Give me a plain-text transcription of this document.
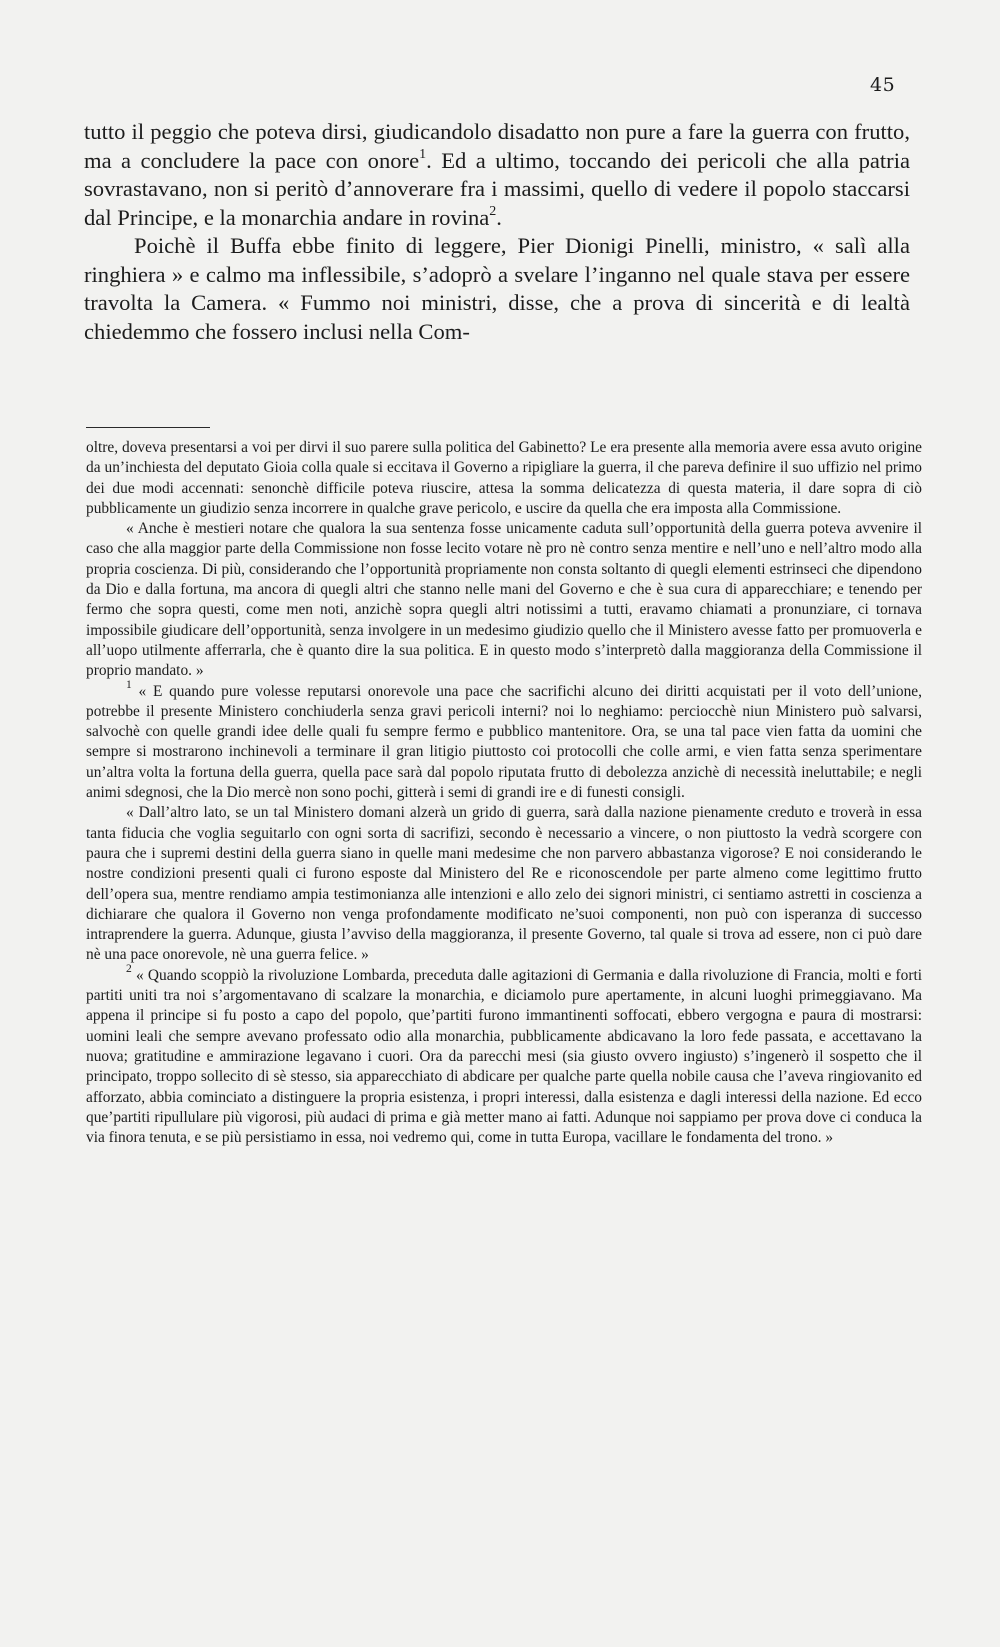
45

tutto il peggio che poteva dirsi, giudicandolo disadatto non pure a fare la guerra con frutto, ma a concludere la pace con onore$^1$. Ed a ultimo, toccando dei pericoli che alla patria sovrastavano, non si peritò d’annoverare fra i massimi, quello di vedere il popolo staccarsi dal Principe, e la monarchia andare in rovina$^2$.

Poichè il Buffa ebbe finito di leggere, Pier Dionigi Pinelli, ministro, « salì alla ringhiera » e calmo ma inflessibile, s’adoprò a svelare l’inganno nel quale stava per essere travolta la Camera. « Fummo noi ministri, disse, che a prova di sincerità e di lealtà chiedemmo che fossero inclusi nella Com-

oltre, doveva presentarsi a voi per dirvi il suo parere sulla politica del Gabinetto? Le era presente alla memoria avere essa avuto origine da un’inchiesta del deputato Gioia colla quale si eccitava il Governo a ripigliare la guerra, il che pareva definire il suo uffizio nel primo dei due modi accennati: senonchè difficile poteva riuscire, attesa la somma delicatezza di questa materia, il dare sopra di ciò pubblicamente un giudizio senza incorrere in qualche grave pericolo, e uscire da quella che era imposta alla Commissione.

« Anche è mestieri notare che qualora la sua sentenza fosse unicamente caduta sull’opportunità della guerra poteva avvenire il caso che alla maggior parte della Commissione non fosse lecito votare nè pro nè contro senza mentire e nell’uno e nell’altro modo alla propria coscienza. Di più, considerando che l’opportunità propriamente non consta soltanto di quegli elementi estrinseci che dipendono da Dio e dalla fortuna, ma ancora di quegli altri che stanno nelle mani del Governo e che è sua cura di apparecchiare; e tenendo per fermo che sopra questi, come men noti, anzichè sopra quegli altri notissimi a tutti, eravamo chiamati a pronunziare, ci tornava impossibile giudicare dell’opportunità, senza involgere in un medesimo giudizio quello che il Ministero avesse fatto per promuoverla e all’uopo utilmente afferrarla, che è quanto dire la sua politica. E in questo modo s’interpretò dalla maggioranza della Commissione il proprio mandato. »

$^1$ « E quando pure volesse reputarsi onorevole una pace che sacrifichi alcuno dei diritti acquistati per il voto dell’unione, potrebbe il presente Ministero conchiuderla senza gravi pericoli interni? noi lo neghiamo: perciocchè niun Ministero può salvarsi, salvochè con quelle grandi idee delle quali fu sempre fermo e pubblico mantenitore. Ora, se una tal pace vien fatta da uomini che sempre si mostrarono inchinevoli a terminare il gran litigio piuttosto coi protocolli che colle armi, e vien fatta senza sperimentare un’altra volta la fortuna della guerra, quella pace sarà dal popolo riputata frutto di debolezza anzichè di necessità ineluttabile; e negli animi sdegnosi, che la Dio mercè non sono pochi, gitterà i semi di grandi ire e di funesti consigli.

« Dall’altro lato, se un tal Ministero domani alzerà un grido di guerra, sarà dalla nazione pienamente creduto e troverà in essa tanta fiducia che voglia seguitarlo con ogni sorta di sacrifizi, secondo è necessario a vincere, o non piuttosto la vedrà scorgere con paura che i supremi destini della guerra siano in quelle mani medesime che non parvero abbastanza vigorose? E noi considerando le nostre condizioni presenti quali ci furono esposte dal Ministero del Re e riconoscendole per parte almeno come legittimo frutto dell’opera sua, mentre rendiamo ampia testimonianza alle intenzioni e allo zelo dei signori ministri, ci sentiamo astretti in coscienza a dichiarare che qualora il Governo non venga profondamente modificato ne’suoi componenti, non può con isperanza di successo intraprendere la guerra. Adunque, giusta l’avviso della maggioranza, il presente Governo, tal quale si trova ad essere, non ci può dare nè una pace onorevole, nè una guerra felice. »

$^2$ « Quando scoppiò la rivoluzione Lombarda, preceduta dalle agitazioni di Germania e dalla rivoluzione di Francia, molti e forti partiti uniti tra noi s’argomentavano di scalzare la monarchia, e diciamolo pure apertamente, in alcuni luoghi primeggiavano. Ma appena il principe si fu posto a capo del popolo, que’partiti furono immantinenti soffocati, ebbero vergogna e paura di mostrarsi: uomini leali che sempre avevano professato odio alla monarchia, pubblicamente abdicavano la loro fede passata, e accettavano la nuova; gratitudine e ammirazione legavano i cuori. Ora da parecchi mesi (sia giusto ovvero ingiusto) s’ingenerò il sospetto che il principato, troppo sollecito di sè stesso, sia apparecchiato di abdicare per qualche parte quella nobile causa che l’aveva ringiovanito ed afforzato, abbia cominciato a distinguere la propria esistenza, i propri interessi, dalla esistenza e dagli interessi della nazione. Ed ecco que’partiti ripullulare più vigorosi, più audaci di prima e già metter mano ai fatti. Adunque noi sappiamo per prova dove ci conduca la via finora tenuta, e se più persistiamo in essa, noi vedremo qui, come in tutta Europa, vacillare le fondamenta del trono. »
